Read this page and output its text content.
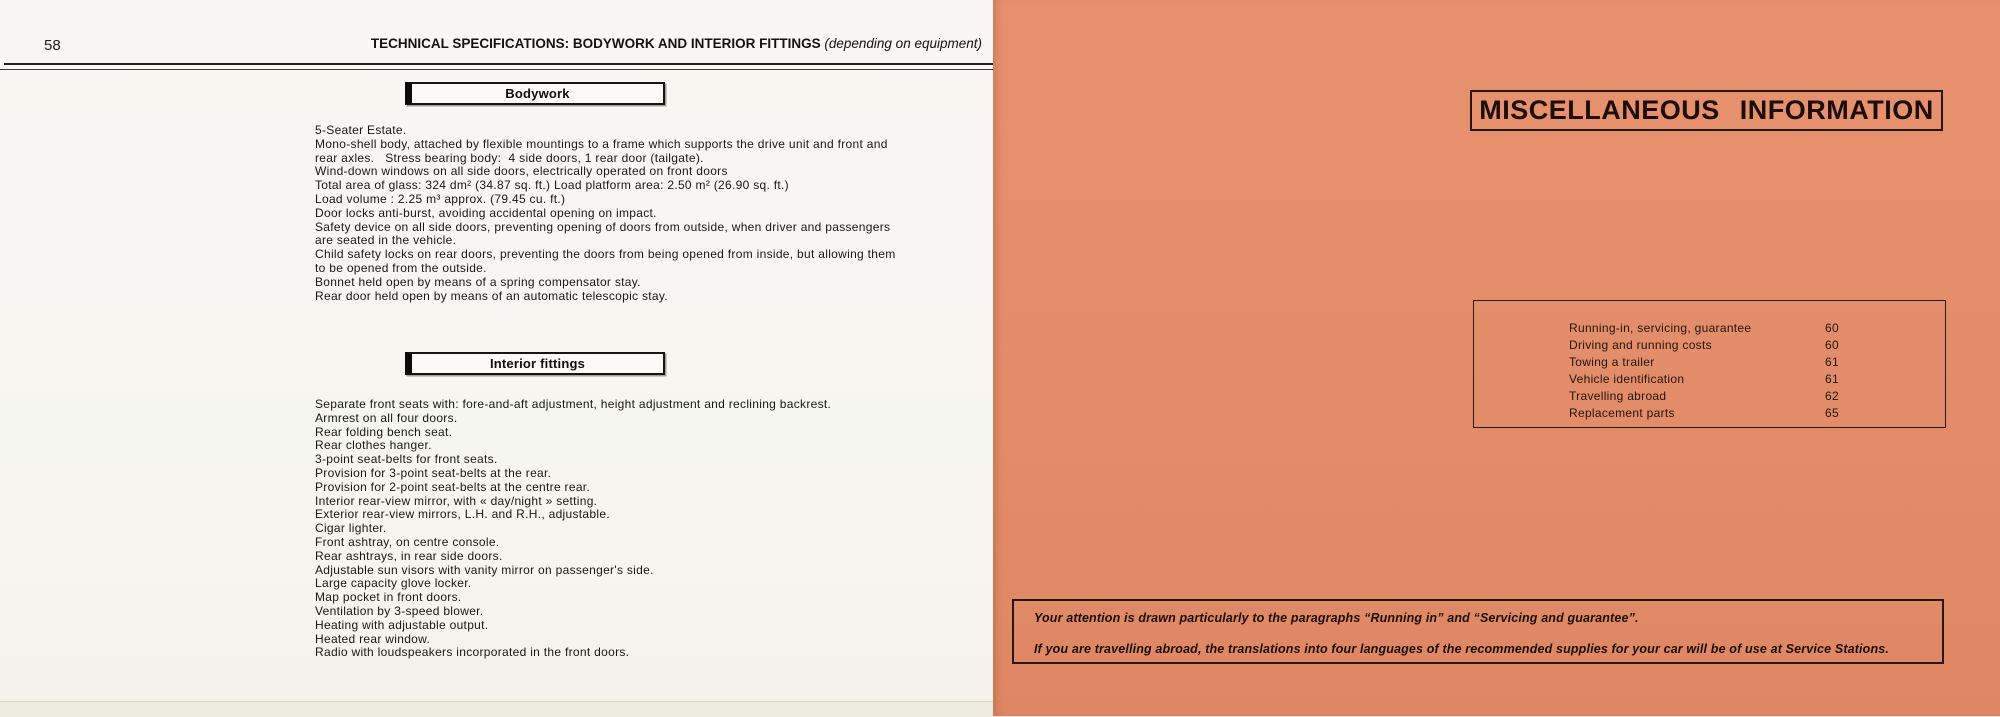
58	TECHNICAL SPECIFICATIONS: BODYWORK AND INTERIOR FITTINGS (depending on equipment)
Bodywork
5-Seater Estate.
Mono-shell body, attached by flexible mountings to a frame which supports the drive unit and front and
rear axles.   Stress bearing body:  4 side doors, 1 rear door (tailgate).
Wind-down windows on all side doors, electrically operated on front doors
Total area of glass: 324 dm² (34.87 sq. ft.) Load platform area: 2.50 m² (26.90 sq. ft.)
Load volume : 2.25 m³ approx. (79.45 cu. ft.)
Door locks anti-burst, avoiding accidental opening on impact.
Safety device on all side doors, preventing opening of doors from outside, when driver and passengers
are seated in the vehicle.
Child safety locks on rear doors, preventing the doors from being opened from inside, but allowing them
to be opened from the outside.
Bonnet held open by means of a spring compensator stay.
Rear door held open by means of an automatic telescopic stay.
Interior fittings
Separate front seats with: fore-and-aft adjustment, height adjustment and reclining backrest.
Armrest on all four doors.
Rear folding bench seat.
Rear clothes hanger.
3-point seat-belts for front seats.
Provision for 3-point seat-belts at the rear.
Provision for 2-point seat-belts at the centre rear.
Interior rear-view mirror, with « day/night » setting.
Exterior rear-view mirrors, L.H. and R.H., adjustable.
Cigar lighter.
Front ashtray, on centre console.
Rear ashtrays, in rear side doors.
Adjustable sun visors with vanity mirror on passenger's side.
Large capacity glove locker.
Map pocket in front doors.
Ventilation by 3-speed blower.
Heating with adjustable output.
Heated rear window.
Radio with loudspeakers incorporated in the front doors.
MISCELLANEOUS INFORMATION
Running-in, servicing, guarantee	60
Driving and running costs	60
Towing a trailer	61
Vehicle identification	61
Travelling abroad	62
Replacement parts	65
Your attention is drawn particularly to the paragraphs “Running in” and “Servicing and guarantee”.
If you are travelling abroad, the translations into four languages of the recommended supplies for your car will be of use at Service Stations.
